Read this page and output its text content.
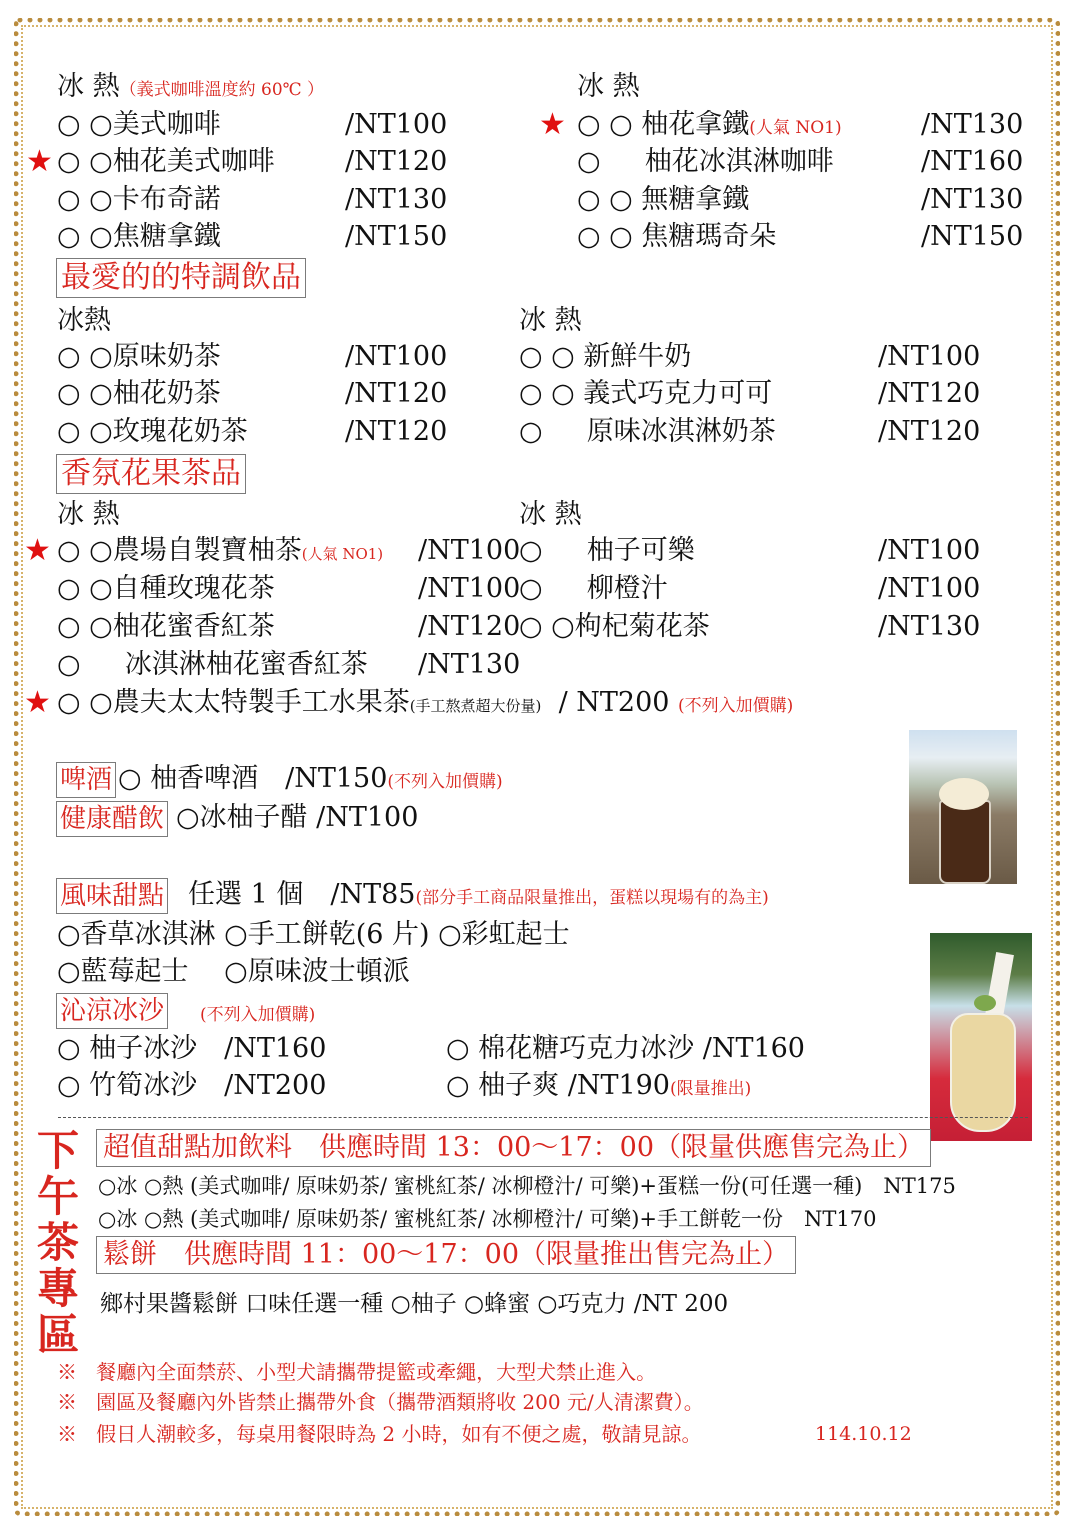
冰 熱（義式咖啡溫度約 60℃ ）	冰 熱
★
○ ○美式咖啡	/NT100
○ ○柚花美式咖啡	/NT120
○ ○卡布奇諾	/NT130
○ ○焦糖拿鐵	/NT150
★ ○ ○ 柚花拿鐵(人氣 NO1)	/NT130
○ 　 柚花冰淇淋咖啡	/NT160
○ ○ 無糖拿鐵	/NT130
○ ○ 焦糖瑪奇朵	/NT150
最愛的的特調飲品
冰熱	冰 熱
○ ○原味奶茶	/NT100
○ ○柚花奶茶	/NT120
○ ○玫瑰花奶茶	/NT120
○ ○ 新鮮牛奶	/NT100
○ ○ 義式巧克力可可	/NT120
○ 　 原味冰淇淋奶茶	/NT120
香氛花果茶品
冰 熱	冰 熱
★ ○ ○農場自製寶柚茶(人氣 NO1) /NT100
○ ○自種玫瑰花茶	/NT100
○ ○柚花蜜香紅茶	/NT120
○ 　 冰淇淋柚花蜜香紅茶 /NT130
○ 　 柚子可樂	/NT100
○ 　 柳橙汁	/NT100
○ ○枸杞菊花茶	/NT130
★ ○ ○農夫太太特製手工水果茶(手工熬煮超大份量) / NT200 (不列入加價購)
啤酒 ○ 柚香啤酒　/NT150(不列入加價購)
健康醋飲 ○冰柚子醋 /NT100
風味甜點 任選 1 個　/NT85(部分手工商品限量推出，蛋糕以現場有的為主)
○香草冰淇淋 ○手工餅乾(6 片) ○彩虹起士
○藍莓起士　 ○原味波士頓派
沁涼冰沙 (不列入加價購)
○ 柚子冰沙　/NT160
○ 竹筍冰沙　/NT200
○ 棉花糖巧克力冰沙 /NT160
○ 柚子爽 /NT190(限量推出)
下午茶專區
超值甜點加飲料　供應時間 13：00～17：00（限量供應售完為止）
○冰 ○熱 (美式咖啡/ 原味奶茶/ 蜜桃紅茶/ 冰柳橙汁/ 可樂)+蛋糕一份(可任選一種)　NT175
○冰 ○熱 (美式咖啡/ 原味奶茶/ 蜜桃紅茶/ 冰柳橙汁/ 可樂)+手工餅乾一份　NT170
鬆餅　供應時間 11：00～17：00（限量推出售完為止）
鄉村果醬鬆餅 口味任選一種 ○柚子 ○蜂蜜 ○巧克力 /NT 200
※ 餐廳內全面禁菸、小型犬請攜帶提籃或牽繩，大型犬禁止進入。
※ 園區及餐廳內外皆禁止攜帶外食（攜帶酒類將收 200 元/人清潔費）。
※ 假日人潮較多，每桌用餐限時為 2 小時，如有不便之處，敬請見諒。	114.10.12
